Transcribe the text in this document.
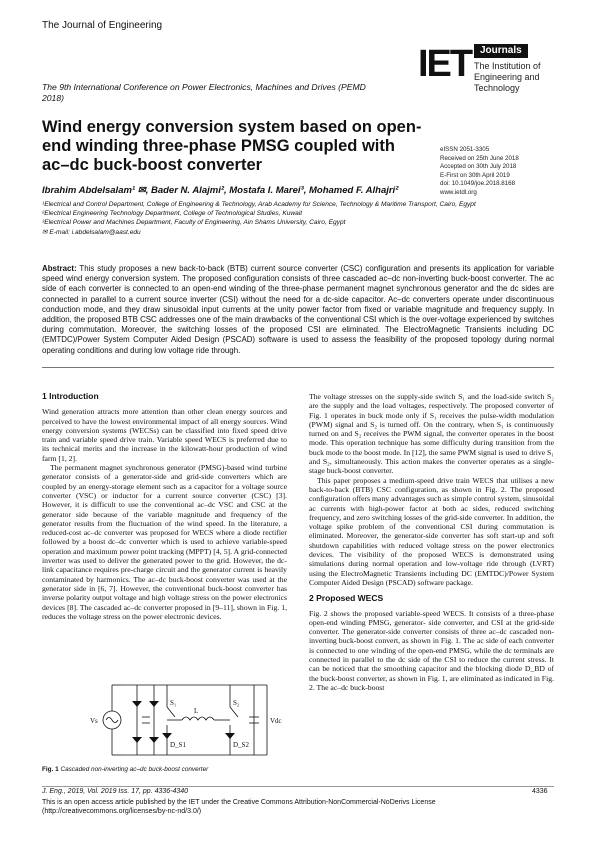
The Journal of Engineering
The 9th International Conference on Power Electronics, Machines and Drives (PEMD 2018)
IET Journals
The Institution of
Engineering and Technology
Wind energy conversion system based on open-end winding three-phase PMSG coupled with ac–dc buck-boost converter
eISSN 2051-3305
Received on 25th June 2018
Accepted on 30th July 2018
E-First on 30th April 2019
doi: 10.1049/joe.2018.8168
www.ietdl.org
Ibrahim Abdelsalam¹ ✉, Bader N. Alajmi², Mostafa I. Marei³, Mohamed F. Alhajri²
¹Electrical and Control Department, College of Engineering & Technology, Arab Academy for Science, Technology & Maritime Transport, Cairo, Egypt
²Electrical Engineering Technology Department, College of Technological Studies, Kuwait
³Electrical Power and Machines Department, Faculty of Engineering, Ain Shams University, Cairo, Egypt
✉ E-mail: i.abdelsalam@aast.edu
Abstract: This study proposes a new back-to-back (BTB) current source converter (CSC) configuration and presents its application for variable speed wind energy conversion system. The proposed configuration consists of three cascaded ac–dc non-inverting buck-boost converter. The ac side of each converter is connected to an open-end winding of the three-phase permanent magnet synchronous generator and the dc sides are connected in parallel to a current source inverter (CSI) without the need for a dc-side capacitor. Ac–dc converters operate under discontinuous conduction mode, and they draw sinusoidal input currents at the unity power factor from fixed or variable magnitude and frequency supply. In addition, the proposed BTB CSC addresses one of the main drawbacks of the conventional CSI which is the over-voltage experienced by switches during commutation. Moreover, the switching losses of the proposed CSI are eliminated. The ElectroMagnetic Transients including DC (EMTDC)/Power System Computer Aided Design (PSCAD) software is used to assess the feasibility of the proposed topology during normal operating conditions and during low voltage ride through.
1 Introduction

Wind generation attracts more attention than other clean energy sources and perceived to have the lowest environmental impact of all energy sources. Wind energy conversion systems (WECSs) can be classified into fixed speed drive train and variable speed drive train. Variable speed WECS is preferred due to its technical merits and the increase in the kilowatt-hour production of wind farm [1, 2].

The permanent magnet synchronous generator (PMSG)-based wind turbine generator consists of a generator-side and grid-side converters which are coupled by an energy-storage element such as a capacitor for a voltage source converter (VSC) or inductor for a current source converter (CSC) [3]. However, it is difficult to use the conventional ac–dc VSC and CSC at the generator side because of the variable magnitude and frequency of the generator results from the fluctuation of the wind speed. In the literature, a reduced-cost ac–dc converter was proposed for WECS where a diode rectifier followed by a boost dc–dc converter which is used to achieve variable-speed operation and maximum power point tracking (MPPT) [4, 5]. A grid-connected inverter was used to deliver the generated power to the grid. However, the dc-link capacitance requires pre-charge circuit and the generator current is heavily contaminated by harmonics. The ac–dc buck-boost converter was used at the generator side in [6, 7]. However, the conventional buck-boost converter has inverse polarity output voltage and high voltage stress on the power electronics devices [8]. The cascaded ac–dc converter proposed in [9–11], shown in Fig. 1, reduces the voltage stress on the power electronic devices.

Vs
S₁
L
S₂
D_S1	D_S2
Vdc
Fig. 1 Cascaded non-inverting ac–dc buck-boost converter

The voltage stresses on the supply-side switch S₁ and the load-side switch S₂ are the supply and the load voltages, respectively. The proposed converter of Fig. 1 operates in buck mode only if S₁ receives the pulse-width modulation (PWM) signal and S₂ is turned off. On the contrary, when S₁ is continuously turned on and S₂ receives the PWM signal, the converter operates in the boost mode. This operation technique has some difficulty during transition from the buck mode to the boost mode. In [12], the same PWM signal is used to drive S₁ and S₂, simultaneously. This action makes the converter operates as a single-stage buck-boost converter.

This paper proposes a medium-speed drive train WECS that utilises a new back-to-back (BTB) CSC configuration, as shown in Fig. 2. The proposed configuration offers many advantages such as simple control system, sinusoidal ac currents with high-power factor at both ac sides, reduced switching frequency, and zero switching losses of the grid-side converter. In addition, the voltage spike problem of the conventional CSI during commutation is eliminated. Moreover, the generator-side converter has soft start-up and soft shutdown capabilities with reduced voltage stress on the power electronics devices. The visibility of the proposed WECS is demonstrated using simulations during normal operation and low-voltage ride through (LVRT) using the ElectroMagnetic Transients including DC (EMTDC)/Power System Computer Aided Design (PSCAD) software package.

2 Proposed WECS

Fig. 2 shows the proposed variable-speed WECS. It consists of a three-phase open-end winding PMSG, generator- side converter, and CSI at the grid-side converter. The generator-side converter consists of three ac–dc cascaded non-inverting buck-boost convert, as shown in Fig. 1. The ac side of each converter is connected to one winding of the open-end PMSG, while the dc terminals are connected in parallel to the dc side of the CSI to reduce the current stress. It can be noticed that the smoothing capacitor and the blocking diode D_BD of the buck-boost converter, as shown in Fig. 1, are eliminated as indicated in Fig. 2. The ac–dc buck-boost

J. Eng., 2019, Vol. 2019 Iss. 17, pp. 4336-4340	4336
This is an open access article published by the IET under the Creative Commons Attribution-NonCommercial-NoDerivs License (http://creativecommons.org/licenses/by-nc-nd/3.0/)
